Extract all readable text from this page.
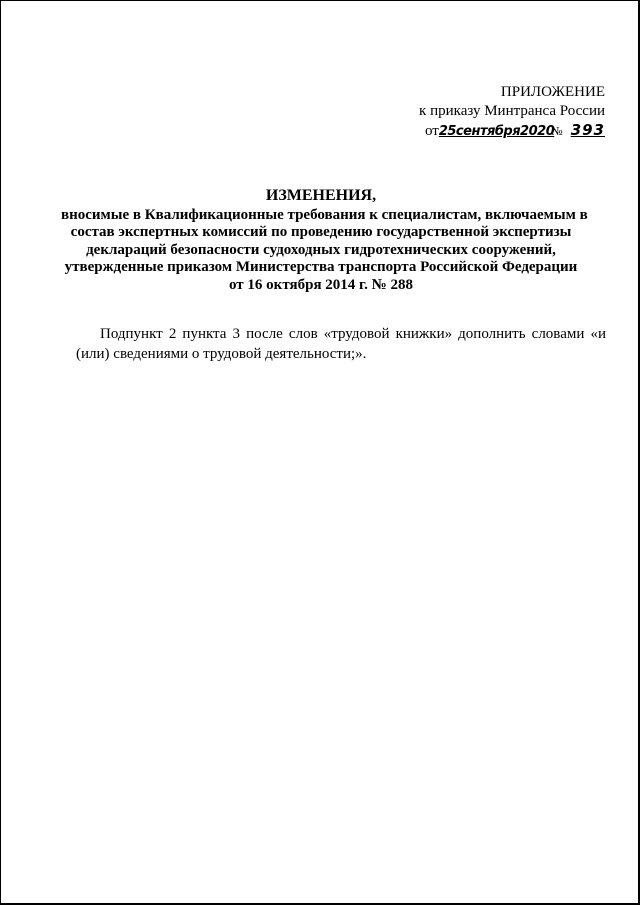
ПРИЛОЖЕНИЕ
к приказу Минтранса России
от25сентября2020№ 393
ИЗМЕНЕНИЯ,
вносимые в Квалификационные требования к специалистам, включаемым в
состав экспертных комиссий по проведению государственной экспертизы
деклараций безопасности судоходных гидротехнических сооружений,
утвержденные приказом Министерства транспорта Российской Федерации
от 16 октября 2014 г. № 288

Подпункт 2 пункта 3 после слов «трудовой книжки» дополнить словами «и (или) сведениями о трудовой деятельности;».
